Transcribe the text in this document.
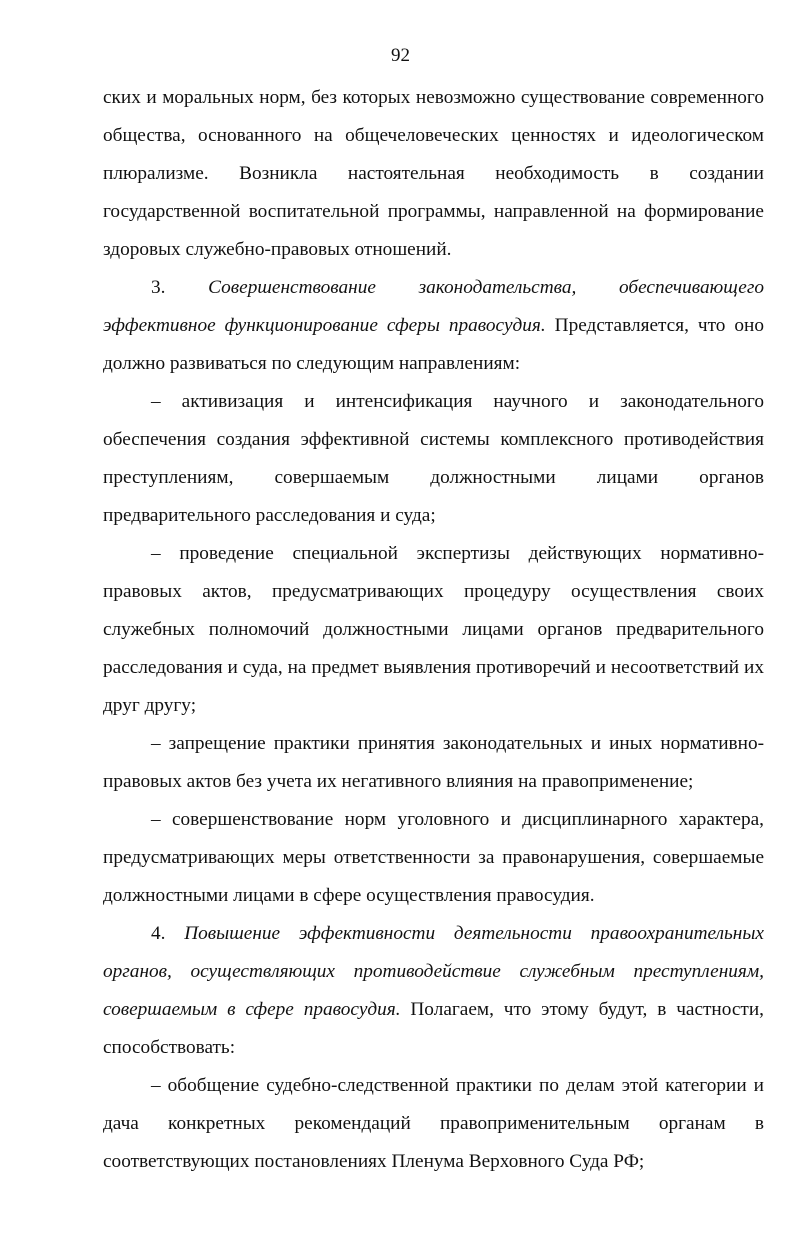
92

ских и моральных норм, без которых невозможно существование современного общества, основанного на общечеловеческих ценностях и идеологическом плюрализме. Возникла настоятельная необходимость в создании государственной воспитательной программы, направленной на формирование здоровых служебно-правовых отношений.

3. Совершенствование законодательства, обеспечивающего эффективное функционирование сферы правосудия. Представляется, что оно должно развиваться по следующим направлениям:

– активизация и интенсификация научного и законодательного обеспечения создания эффективной системы комплексного противодействия преступлениям, совершаемым должностными лицами органов предварительного расследования и суда;

– проведение специальной экспертизы действующих нормативно-правовых актов, предусматривающих процедуру осуществления своих служебных полномочий должностными лицами органов предварительного расследования и суда, на предмет выявления противоречий и несоответствий их друг другу;

– запрещение практики принятия законодательных и иных нормативно-правовых актов без учета их негативного влияния на правоприменение;

– совершенствование норм уголовного и дисциплинарного характера, предусматривающих меры ответственности за правонарушения, совершаемые должностными лицами в сфере осуществления правосудия.

4. Повышение эффективности деятельности правоохранительных органов, осуществляющих противодействие служебным преступлениям, совершаемым в сфере правосудия. Полагаем, что этому будут, в частности, способствовать:

– обобщение судебно-следственной практики по делам этой категории и дача конкретных рекомендаций правоприменительным органам в соответствующих постановлениях Пленума Верховного Суда РФ;
